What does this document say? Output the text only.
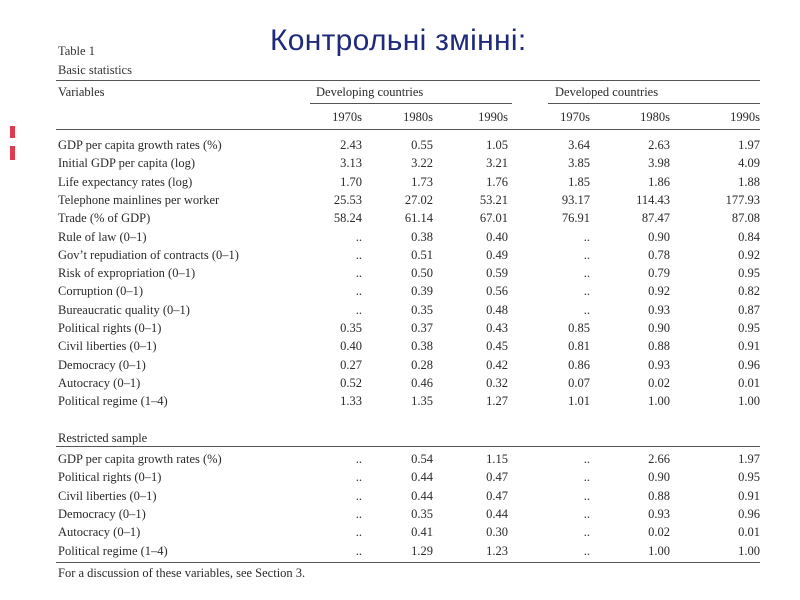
Контрольні змінні:
Table 1
Basic statistics
Variables	Developing countries	Developed countries
1970s	1980s	1990s	1970s	1980s	1990s
GDP per capita growth rates (%)	2.43	0.55	1.05	3.64	2.63	1.97
Initial GDP per capita (log)	3.13	3.22	3.21	3.85	3.98	4.09
Life expectancy rates (log)	1.70	1.73	1.76	1.85	1.86	1.88
Telephone mainlines per worker	25.53	27.02	53.21	93.17	114.43	177.93
Trade (% of GDP)	58.24	61.14	67.01	76.91	87.47	87.08
Rule of law (0–1)	..	0.38	0.40	..	0.90	0.84
Gov’t repudiation of contracts (0–1)	..	0.51	0.49	..	0.78	0.92
Risk of expropriation (0–1)	..	0.50	0.59	..	0.79	0.95
Corruption (0–1)	..	0.39	0.56	..	0.92	0.82
Bureaucratic quality (0–1)	..	0.35	0.48	..	0.93	0.87
Political rights (0–1)	0.35	0.37	0.43	0.85	0.90	0.95
Civil liberties (0–1)	0.40	0.38	0.45	0.81	0.88	0.91
Democracy (0–1)	0.27	0.28	0.42	0.86	0.93	0.96
Autocracy (0–1)	0.52	0.46	0.32	0.07	0.02	0.01
Political regime (1–4)	1.33	1.35	1.27	1.01	1.00	1.00
Restricted sample
GDP per capita growth rates (%)	..	0.54	1.15	..	2.66	1.97
Political rights (0–1)	..	0.44	0.47	..	0.90	0.95
Civil liberties (0–1)	..	0.44	0.47	..	0.88	0.91
Democracy (0–1)	..	0.35	0.44	..	0.93	0.96
Autocracy (0–1)	..	0.41	0.30	..	0.02	0.01
Political regime (1–4)	..	1.29	1.23	..	1.00	1.00
For a discussion of these variables, see Section 3.
